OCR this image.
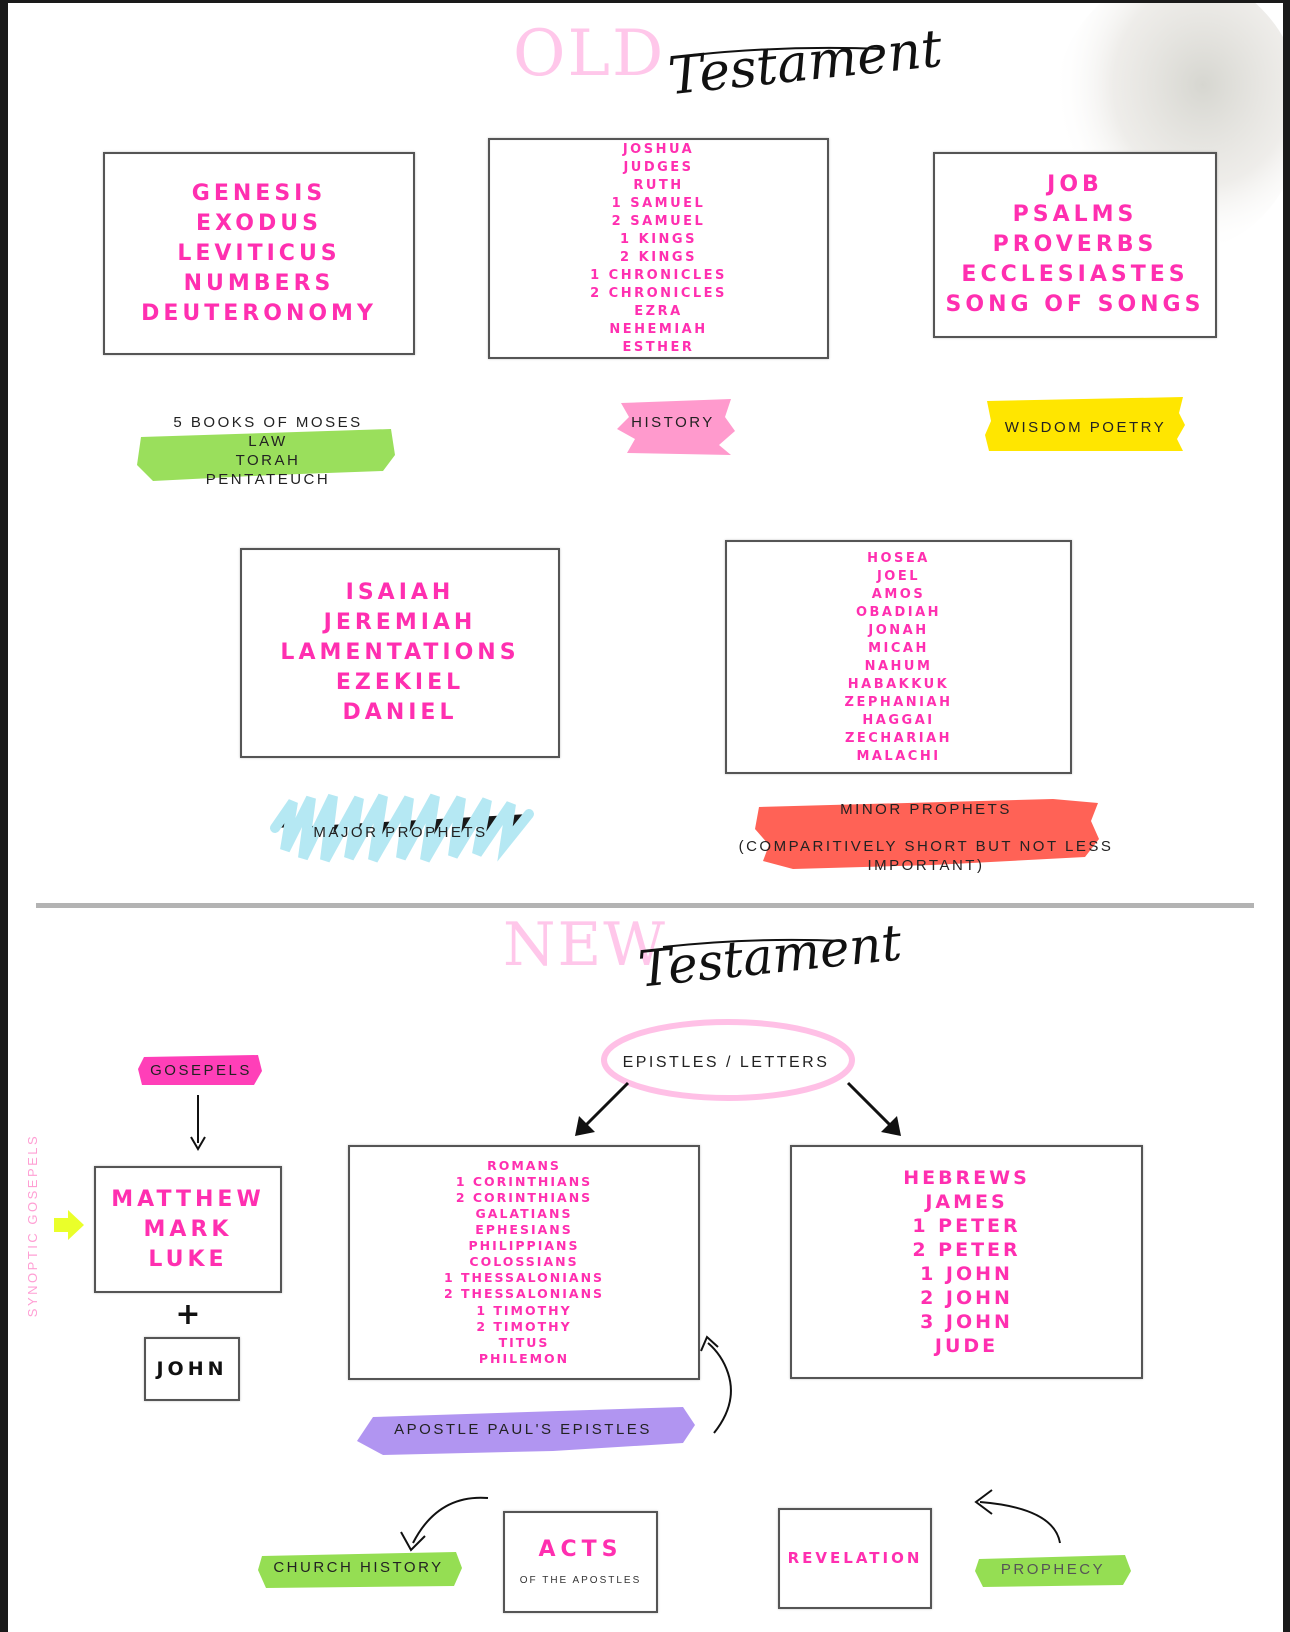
OLD Testament
GENESIS
EXODUS
LEVITICUS
NUMBERS
DEUTERONOMY
JOSHUA
JUDGES
RUTH
1 SAMUEL
2 SAMUEL
1 KINGS
2 KINGS
1 CHRONICLES
2 CHRONICLES
EZRA
NEHEMIAH
ESTHER
JOB
PSALMS
PROVERBS
ECCLESIASTES
SONG OF SONGS
5 BOOKS OF MOSES
LAW
TORAH
PENTATEUCH
HISTORY	WISDOM POETRY
ISAIAH
JEREMIAH
LAMENTATIONS
EZEKIEL
DANIEL
HOSEA
JOEL
AMOS
OBADIAH
JONAH
MICAH
NAHUM
HABAKKUK
ZEPHANIAH
HAGGAI
ZECHARIAH
MALACHI
MAJOR PROPHETS
MINOR PROPHETS
(COMPARITIVELY SHORT BUT NOT LESS
IMPORTANT)
NEW
Testament
GOSEPELS
SYNOPTIC GOSEPELS	MATTHEW
MARK
LUKE
+
JOHN
EPISTLES / LETTERS
ROMANS
1 CORINTHIANS
2 CORINTHIANS
GALATIANS
EPHESIANS
PHILIPPIANS
COLOSSIANS
1 THESSALONIANS
2 THESSALONIANS
1 TIMOTHY
2 TIMOTHY
TITUS
PHILEMON
HEBREWS
JAMES
1 PETER
2 PETER
1 JOHN
2 JOHN
3 JOHN
JUDE
APOSTLE PAUL'S EPISTLES
CHURCH HISTORY
ACTS
OF THE APOSTLES
REVELATION
PROPHECY
